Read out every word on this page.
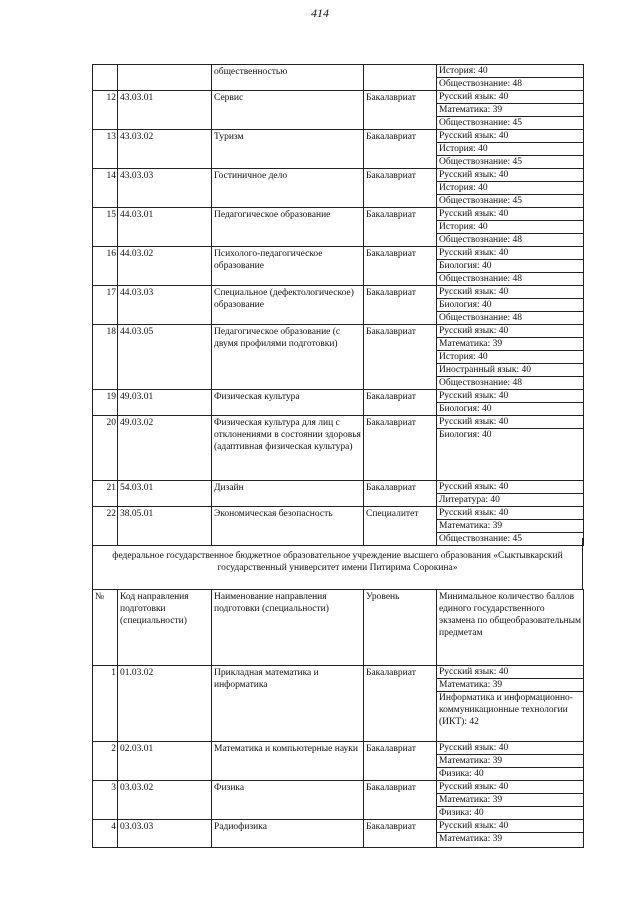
414
		общественностью		История: 40
Обществознание: 48

12	43.03.01	Сервис	Бакалавриат	Русский язык: 40
Математика: 39
Обществознание: 45

13	43.03.02	Туризм	Бакалавриат	Русский язык: 40
История: 40
Обществознание: 45

14	43.03.03	Гостиничное дело	Бакалавриат	Русский язык: 40
История: 40
Обществознание: 45

15	44.03.01	Педагогическое образование	Бакалавриат	Русский язык: 40
История: 40
Обществознание: 48

16	44.03.02	Психолого-педагогическое образование	Бакалавриат	Русский язык: 40
Биология: 40
Обществознание: 48

17	44.03.03	Специальное (дефектологическое) образование	Бакалавриат	Русский язык: 40
Биология: 40
Обществознание: 48

18	44.03.05	Педагогическое образование (с двумя профилями подготовки)	Бакалавриат	Русский язык: 40
Математика: 39
История: 40
Иностранный язык: 40
Обществознание: 48

19	49.03.01	Физическая культура	Бакалавриат	Русский язык: 40
Биология: 40

20	49.03.02	Физическая культура для лиц с отклонениями в состоянии здоровья (адаптивная физическая культура)	Бакалавриат	Русский язык: 40
Биология: 40

21	54.03.01	Дизайн	Бакалавриат	Русский язык: 40
Литература: 40

22	38.05.01	Экономическая безопасность	Специалитет	Русский язык: 40
Математика: 39
Обществознание: 45
федеральное государственное бюджетное образовательное учреждение высшего образования «Сыктывкарский государственный университет имени Питирима Сорокина»
№	Код направления подготовки (специальности)	Наименование направления подготовки (специальности)	Уровень	Минимальное количество баллов единого государственного экзамена по общеобразовательным предметам
1	01.03.02	Прикладная математика и информатика	Бакалавриат	Русский язык: 40
Математика: 39
Информатика и информационно-коммуникационные технологии (ИКТ): 42

2	02.03.01	Математика и компьютерные науки	Бакалавриат	Русский язык: 40
Математика: 39
Физика: 40

3	03.03.02	Физика	Бакалавриат	Русский язык: 40
Математика: 39
Физика: 40

4	03.03.03	Радиофизика	Бакалавриат	Русский язык: 40
Математика: 39
